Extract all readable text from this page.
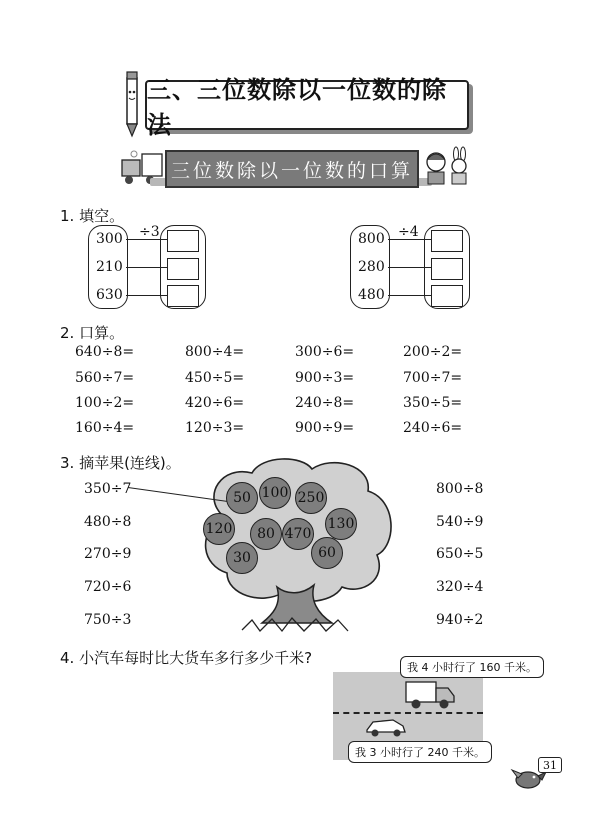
三、三位数除以一位数的除法
三位数除以一位数的口算
1. 填空。
÷3
300
210
630
÷4
800
280
480
2. 口算。
640÷8=	800÷4=	300÷6=	200÷2=
560÷7=	450÷5=	900÷3=	700÷7=
100÷2=	420÷6=	240÷8=	350÷5=
160÷4=	120÷3=	900÷9=	240÷6=
3. 摘苹果(连线)。
50 100 250
120	80 470
130
30	60
350÷7
480÷8
270÷9
720÷6
750÷3
800÷8
540÷9
650÷5
320÷4
940÷2
4. 小汽车每时比大货车多行多少千米?
我 4 小时行了 160 千米。
我 3 小时行了 240 千米。
31
